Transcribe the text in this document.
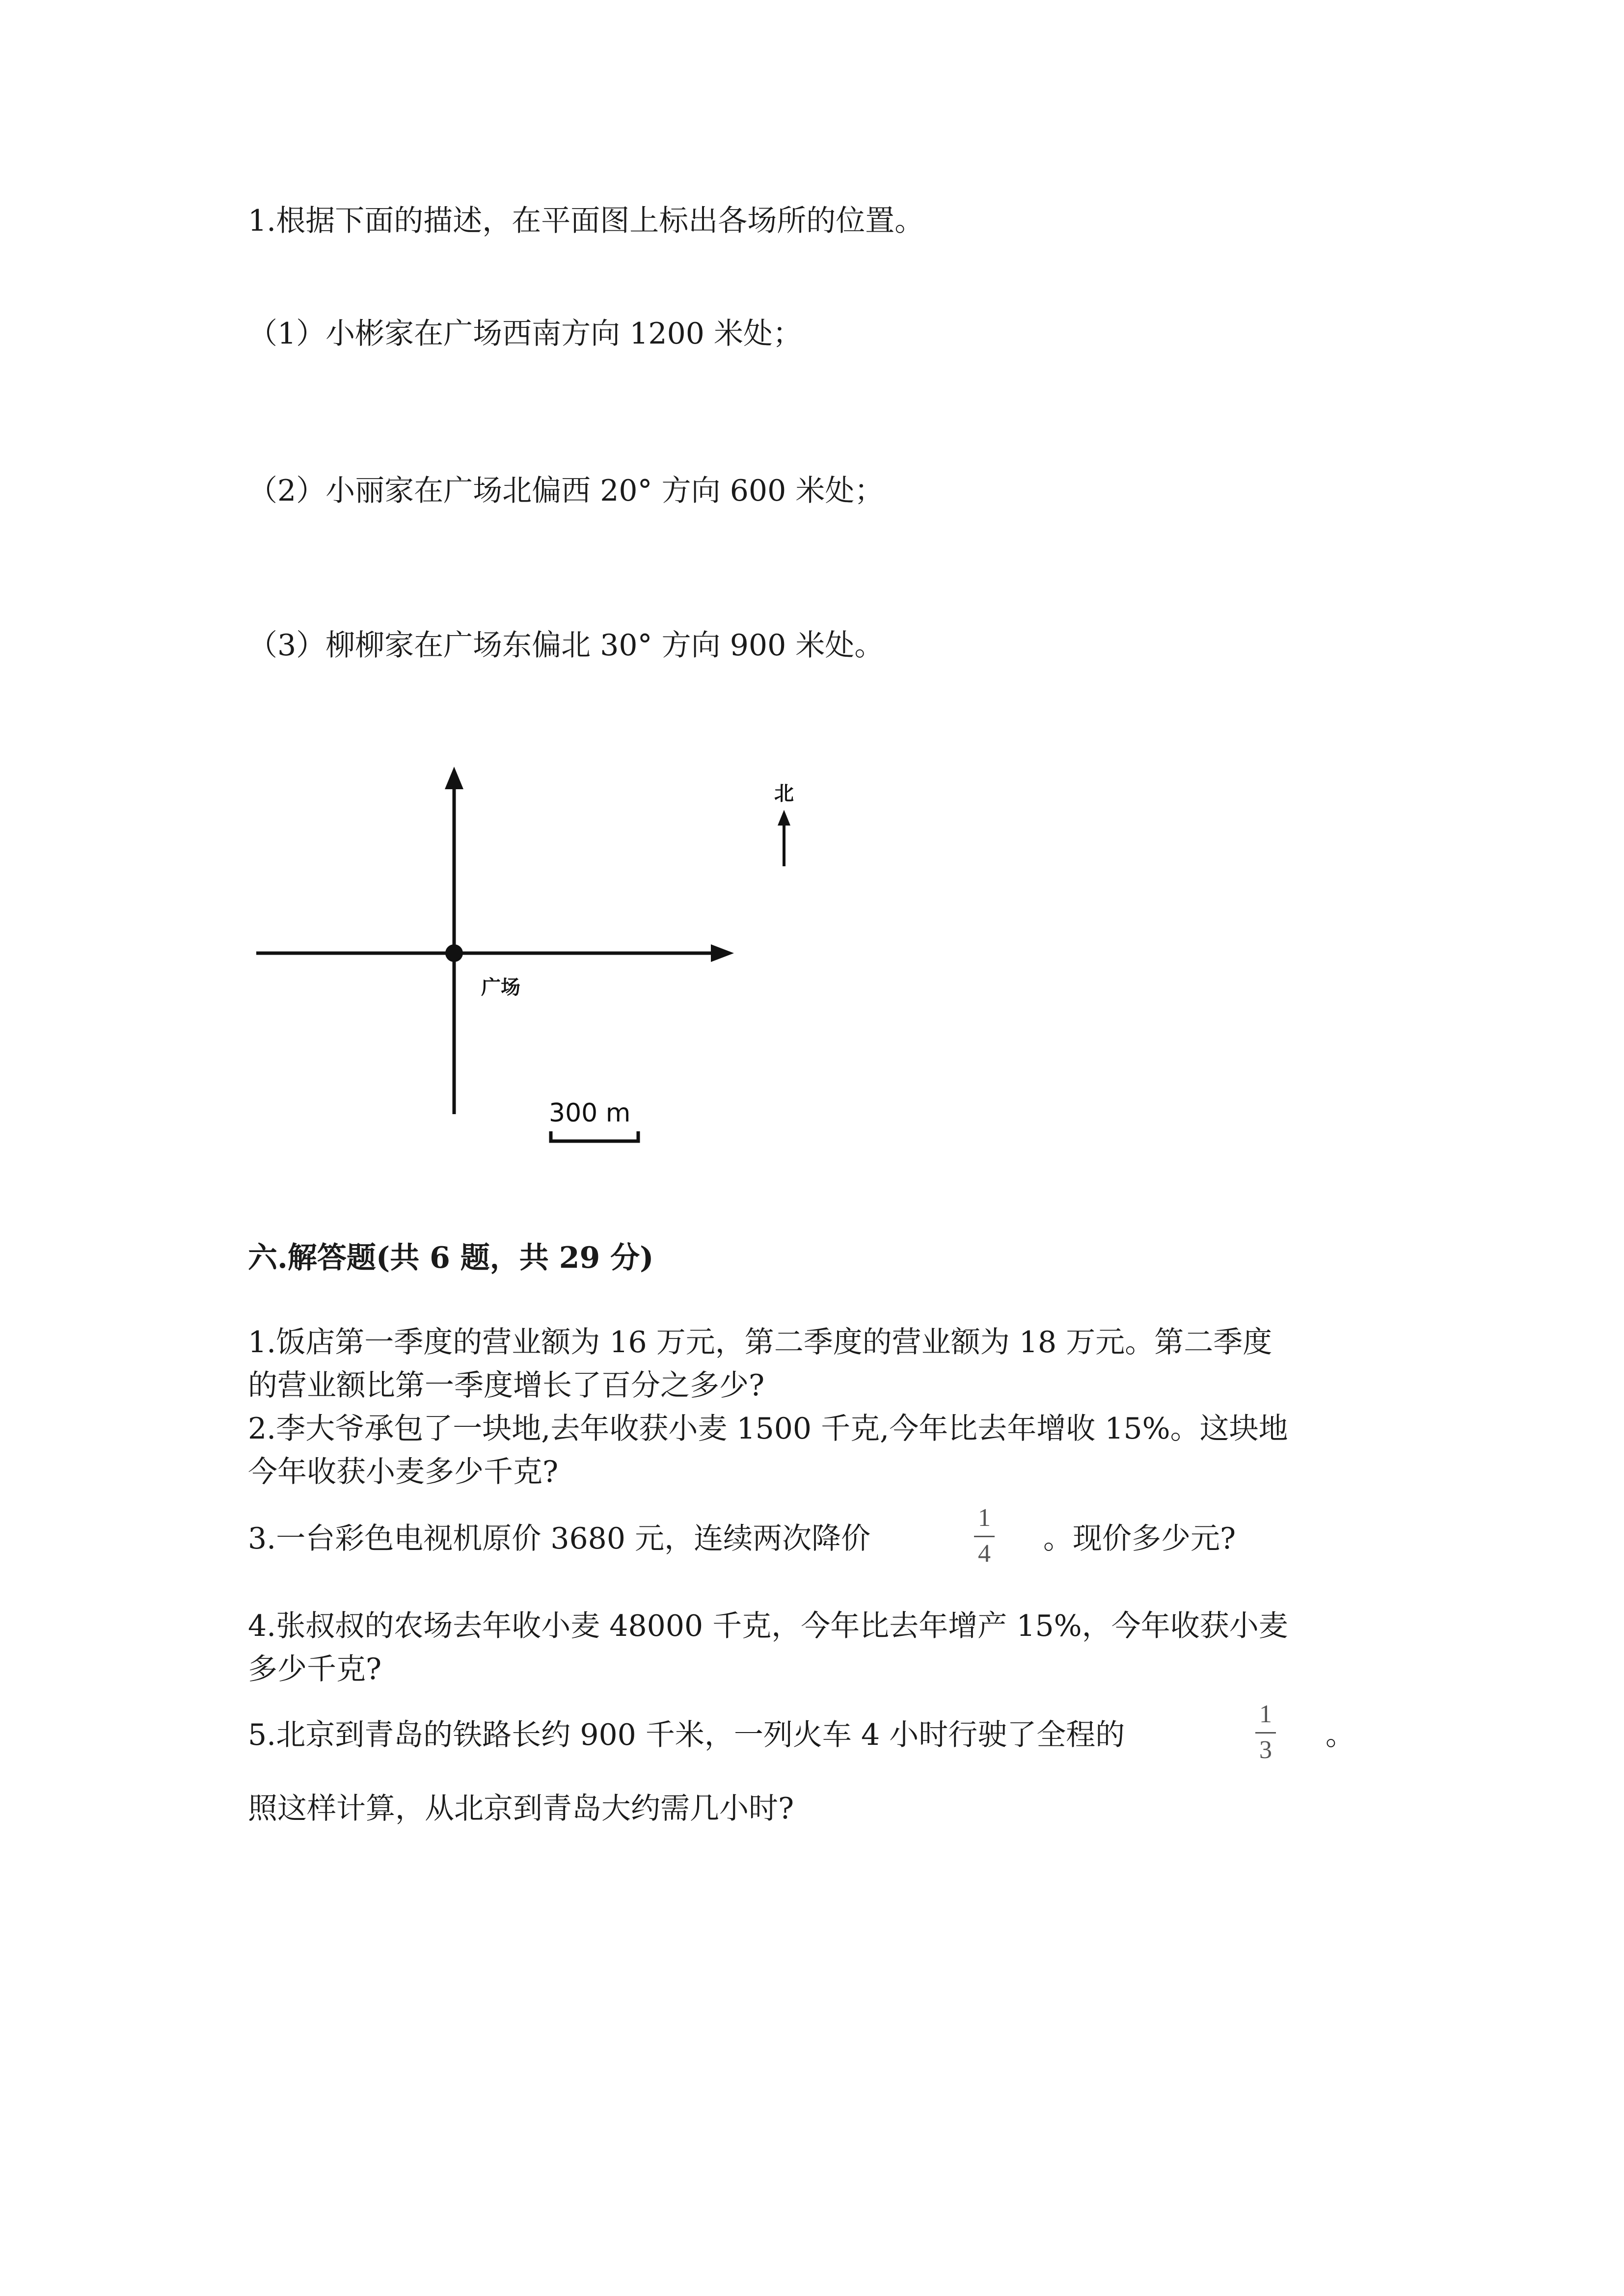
1.根据下面的描述，在平面图上标出各场所的位置。
（1）小彬家在广场西南方向 1200 米处；
（2）小丽家在广场北偏西 20° 方向 600 米处；
（3）柳柳家在广场东偏北 30° 方向 900 米处。
广场
北
300 m
六.解答题(共 6 题，共 29 分)
1.饭店第一季度的营业额为 16 万元，第二季度的营业额为 18 万元。第二季度
的营业额比第一季度增长了百分之多少?
2.李大爷承包了一块地,去年收获小麦 1500 千克,今年比去年增收 15%。这块地
今年收获小麦多少千克?
3.一台彩色电视机原价 3680 元，连续两次降价
1
4 。现价多少元?
4.张叔叔的农场去年收小麦 48000 千克，今年比去年增产 15%，今年收获小麦
多少千克?
5.北京到青岛的铁路长约 900 千米，一列火车 4 小时行驶了全程的
1
3 。
照这样计算，从北京到青岛大约需几小时?
